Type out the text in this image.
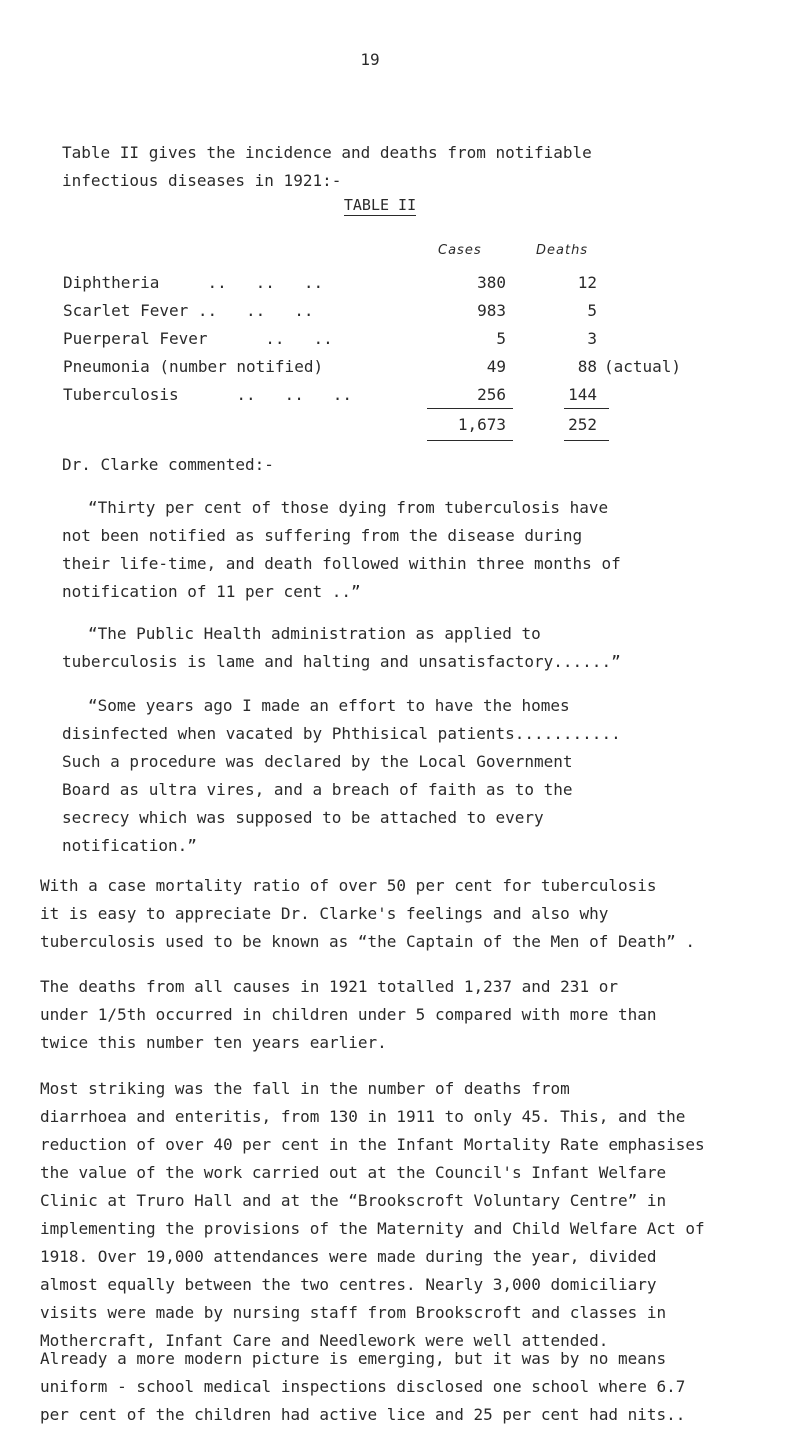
19

Table II gives the incidence and deaths from notifiable
infectious diseases in 1921:-

TABLE II
Cases	Deaths
Diphtheria     ..   ..   ..	380	12
Scarlet Fever ..   ..   ..	983	5
Puerperal Fever      ..   ..	5	3
Pneumonia (number notified)	49	88 (actual)
Tuberculosis      ..   ..   ..	256	144
1,673	252

Dr. Clarke commented:-

“Thirty per cent of those dying from tuberculosis have
not been notified as suffering from the disease during
their life-time, and death followed within three months of
notification of 11 per cent ..”

“The Public Health administration as applied to
tuberculosis is lame and halting and unsatisfactory......”

“Some years ago I made an effort to have the homes
disinfected when vacated by Phthisical patients...........
Such a procedure was declared by the Local Government
Board as ultra vires, and a breach of faith as to the
secrecy which was supposed to be attached to every
notification.”

With a case mortality ratio of over 50 per cent for tuberculosis
it is easy to appreciate Dr. Clarke's feelings and also why
tuberculosis used to be known as “the Captain of the Men of Death” .

The deaths from all causes in 1921 totalled 1,237 and 231 or
under 1/5th occurred in children under 5 compared with more than
twice this number ten years earlier.

Most striking was the fall in the number of deaths from
diarrhoea and enteritis, from 130 in 1911 to only 45. This, and the
reduction of over 40 per cent in the Infant Mortality Rate emphasises
the value of the work carried out at the Council's Infant Welfare
Clinic at Truro Hall and at the “Brookscroft Voluntary Centre” in
implementing the provisions of the Maternity and Child Welfare Act of
1918. Over 19,000 attendances were made during the year, divided
almost equally between the two centres. Nearly 3,000 domiciliary
visits were made by nursing staff from Brookscroft and classes in
Mothercraft, Infant Care and Needlework were well attended.

Already a more modern picture is emerging, but it was by no means
uniform - school medical inspections disclosed one school where 6.7
per cent of the children had active lice and 25 per cent had nits..
